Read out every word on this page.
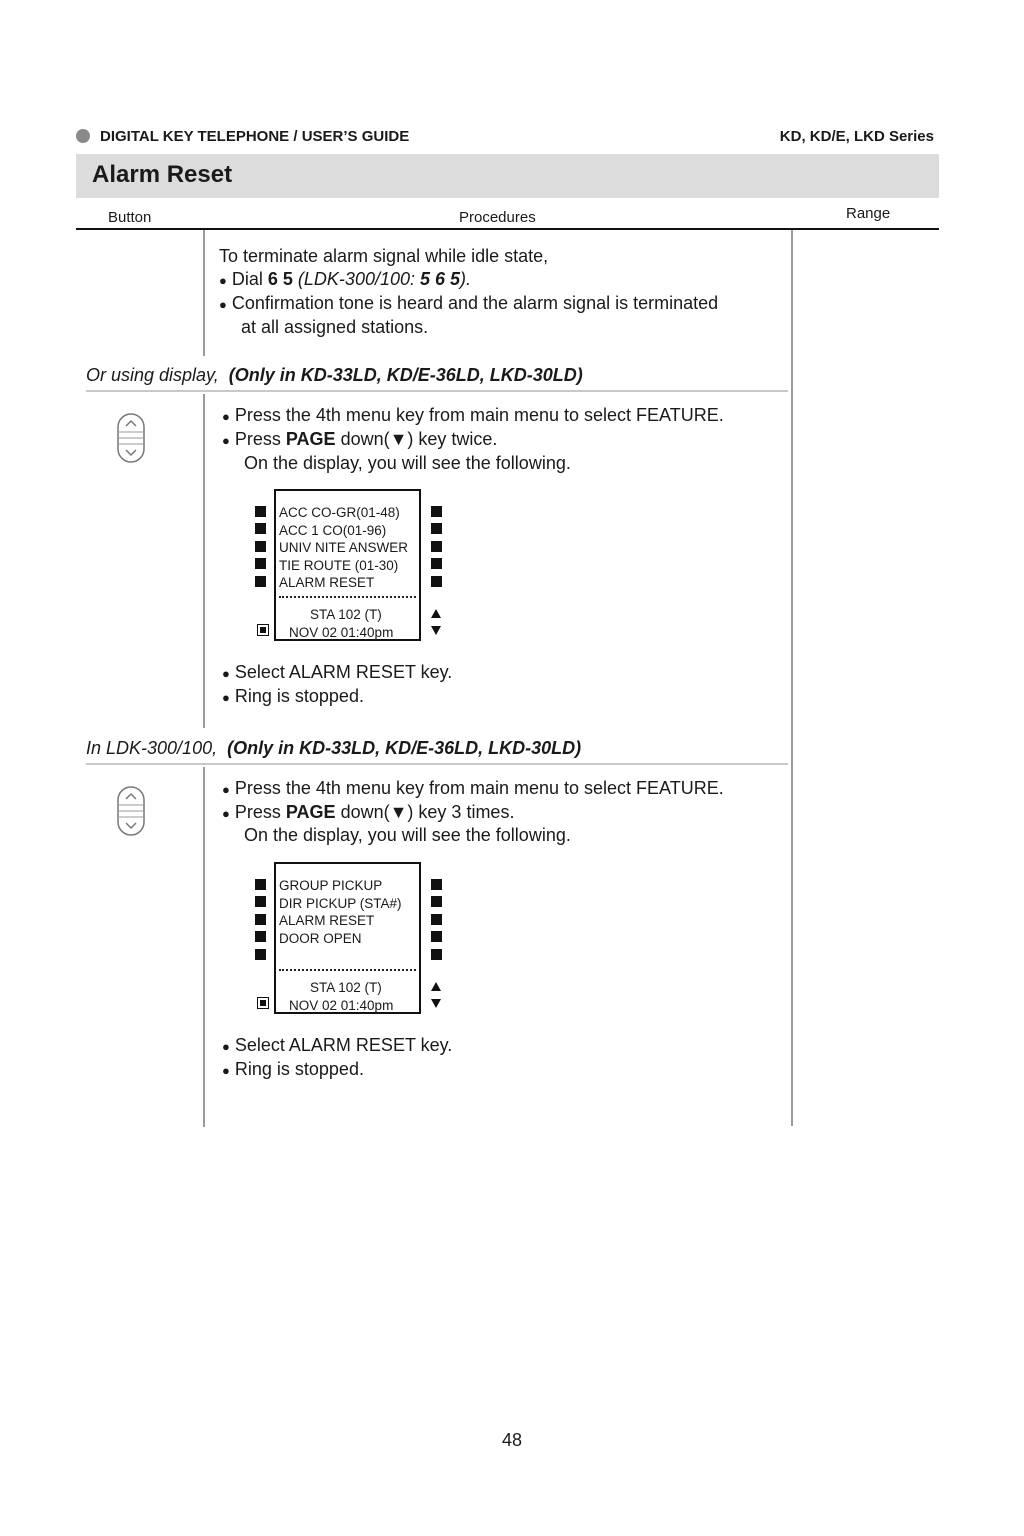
DIGITAL KEY TELEPHONE / USER’S GUIDE	KD, KD/E, LKD Series
Alarm Reset
Button	Procedures	Range
To terminate alarm signal while idle state,
● Dial 6 5 (LDK-300/100: 5 6 5).
● Confirmation tone is heard and the alarm signal is terminated
at all assigned stations.
Or using display, (Only in KD-33LD, KD/E-36LD, LKD-30LD)
● Press the 4th menu key from main menu to select FEATURE.
● Press PAGE down(▼) key twice.
On the display, you will see the following.
ACC CO-GR(01-48)
ACC 1 CO(01-96)
UNIV NITE ANSWER
TIE ROUTE (01-30)
ALARM RESET
STA 102 (T)
NOV 02 01:40pm
● Select ALARM RESET key.
● Ring is stopped.
In LDK-300/100, (Only in KD-33LD, KD/E-36LD, LKD-30LD)
● Press the 4th menu key from main menu to select FEATURE.
● Press PAGE down(▼) key 3 times.
On the display, you will see the following.
GROUP PICKUP
DIR PICKUP (STA#)
ALARM RESET
DOOR OPEN
STA 102 (T)
NOV 02 01:40pm
● Select ALARM RESET key.
● Ring is stopped.
48
